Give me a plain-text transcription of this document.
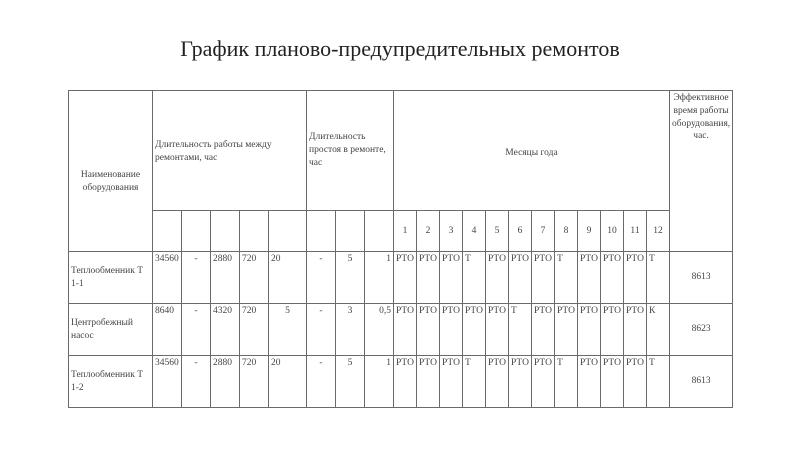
График планово-предупредительных ремонтов
Наименование оборудования	Длительность работы между ремонтами, час					Длительность простоя в ремонте, час			Месяцы года												Эффективное время работы оборудования, час.
									1	2	3	4	5	6	7	8	9	10	11	12	
Теплообменник Т 1-1	34560	-	2880	720	20	-	5	1	РТО	РТО	РТО	Т	РТО	РТО	РТО	Т	РТО	РТО	РТО	Т	8613
Центробежный насос	8640	-	4320	720	5	-	3	0,5	РТО	РТО	РТО	РТО	РТО	Т	РТО	РТО	РТО	РТО	РТО	К	8623
Теплообменник Т 1-2	34560	-	2880	720	20	-	5	1	РТО	РТО	РТО	Т	РТО	РТО	РТО	Т	РТО	РТО	РТО	Т	8613
